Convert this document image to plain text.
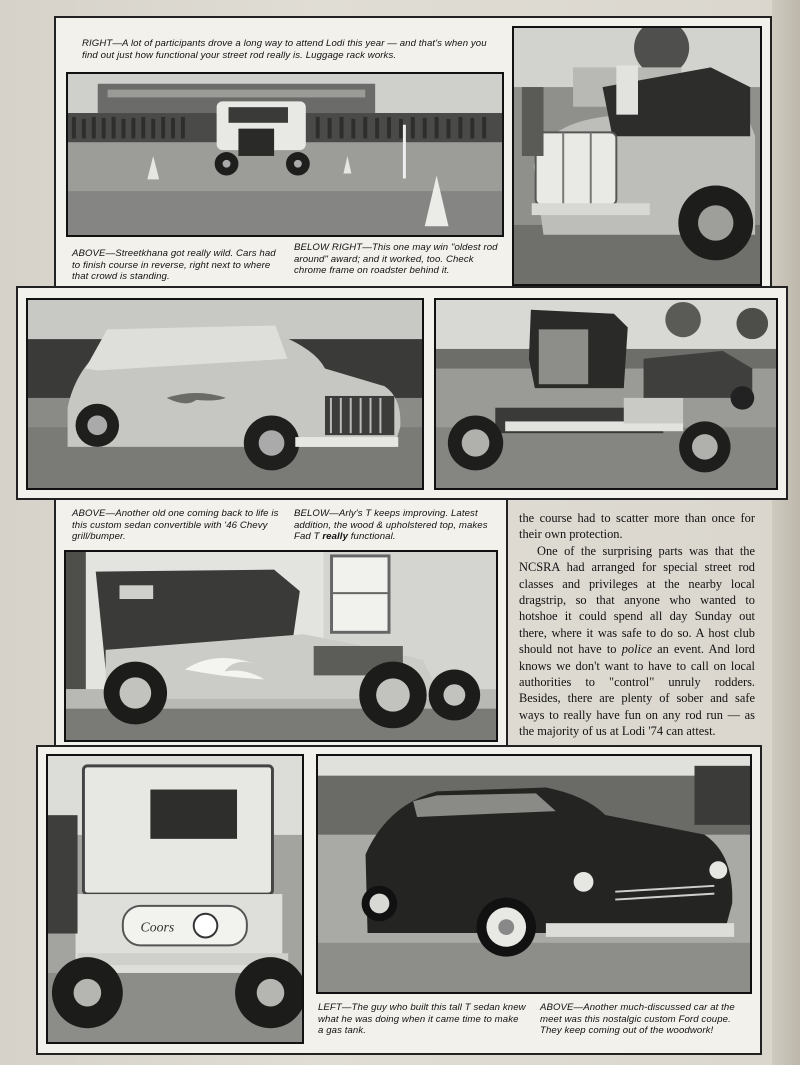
RIGHT—A lot of participants drove a long way to attend Lodi this year — and that's when you find out just how functional your street rod really is. Luggage rack works.
ABOVE—Streetkhana got really wild. Cars had to finish course in reverse, right next to where that crowd is standing.
BELOW RIGHT—This one may win "oldest rod around" award; and it worked, too. Check chrome frame on roadster behind it.
ABOVE—Another old one coming back to life is this custom sedan convertible with '46 Chevy grill/bumper.
BELOW—Arly's T keeps improving. Latest addition, the wood & upholstered top, makes Fad T really functional.

the course had to scatter more than once for their own protection.

One of the surprising parts was that the NCSRA had arranged for special street rod classes and privileges at the nearby local dragstrip, so that anyone who wanted to hotshoe it could spend all day Sunday out there, where it was safe to do so. A host club should not have to police an event. And lord knows we don't want to have to call on local authorities to "control" unruly rodders. Besides, there are plenty of sober and safe ways to really have fun on any rod run — as the majority of us at Lodi '74 can attest.

Coors
LEFT—The guy who built this tall T sedan knew what he was doing when it came time to make a gas tank.
ABOVE—Another much-discussed car at the meet was this nostalgic custom Ford coupe. They keep coming out of the woodwork!
